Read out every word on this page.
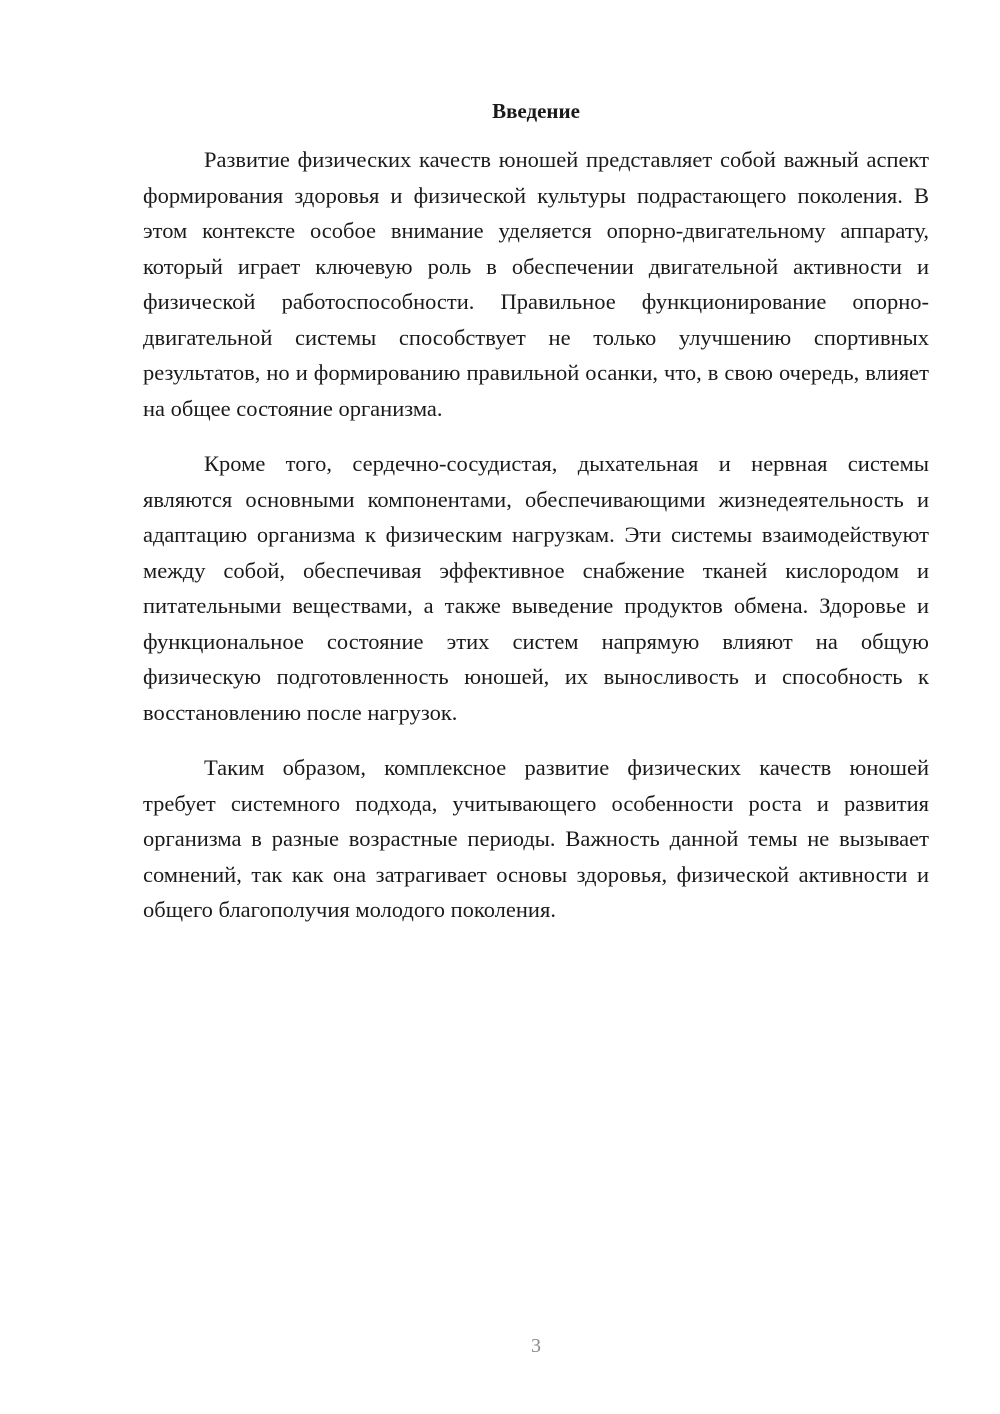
Введение

Развитие физических качеств юношей представляет собой важный аспект формирования здоровья и физической культуры подрастающего поколения. В этом контексте особое внимание уделяется опорно-двигательному аппарату, который играет ключевую роль в обеспечении двигательной активности и физической работоспособности. Правильное функционирование опорно-двигательной системы способствует не только улучшению спортивных результатов, но и формированию правильной осанки, что, в свою очередь, влияет на общее состояние организма.

Кроме того, сердечно-сосудистая, дыхательная и нервная системы являются основными компонентами, обеспечивающими жизнедеятельность и адаптацию организма к физическим нагрузкам. Эти системы взаимодействуют между собой, обеспечивая эффективное снабжение тканей кислородом и питательными веществами, а также выведение продуктов обмена. Здоровье и функциональное состояние этих систем напрямую влияют на общую физическую подготовленность юношей, их выносливость и способность к восстановлению после нагрузок.

Таким образом, комплексное развитие физических качеств юношей требует системного подхода, учитывающего особенности роста и развития организма в разные возрастные периоды. Важность данной темы не вызывает сомнений, так как она затрагивает основы здоровья, физической активности и общего благополучия молодого поколения.

3
